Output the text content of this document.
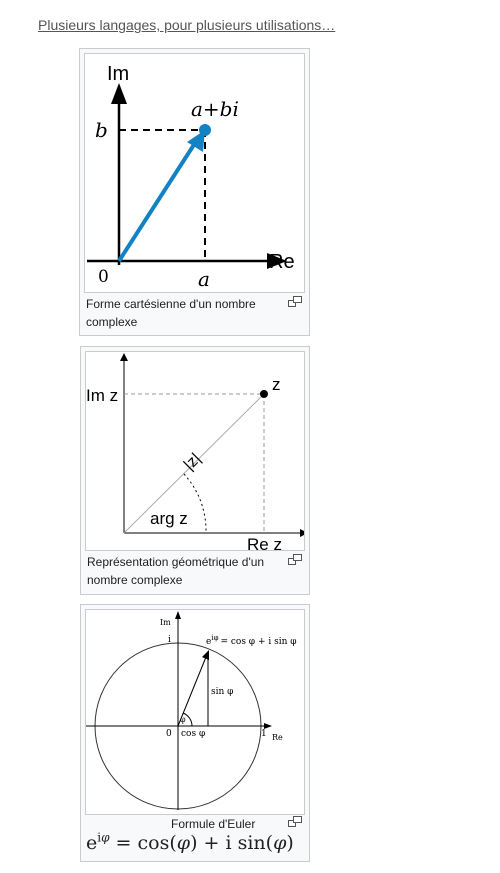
Plusieurs langages, pour plusieurs utilisations…
Im
Re
b
a
0
a+bi
Forme cartésienne d'un nombre complexe
Im z
Re z
z
arg z
|z|
Représentation géométrique d'un nombre complexe
Im
i
Re
0	1
sin φ
cos φ
φ
$e^{i\varphi} = \cos \varphi + i$ sin φ
Formule d'Euler
$e^{i\varphi} = \cos(\varphi) + i$ sin(φ)
